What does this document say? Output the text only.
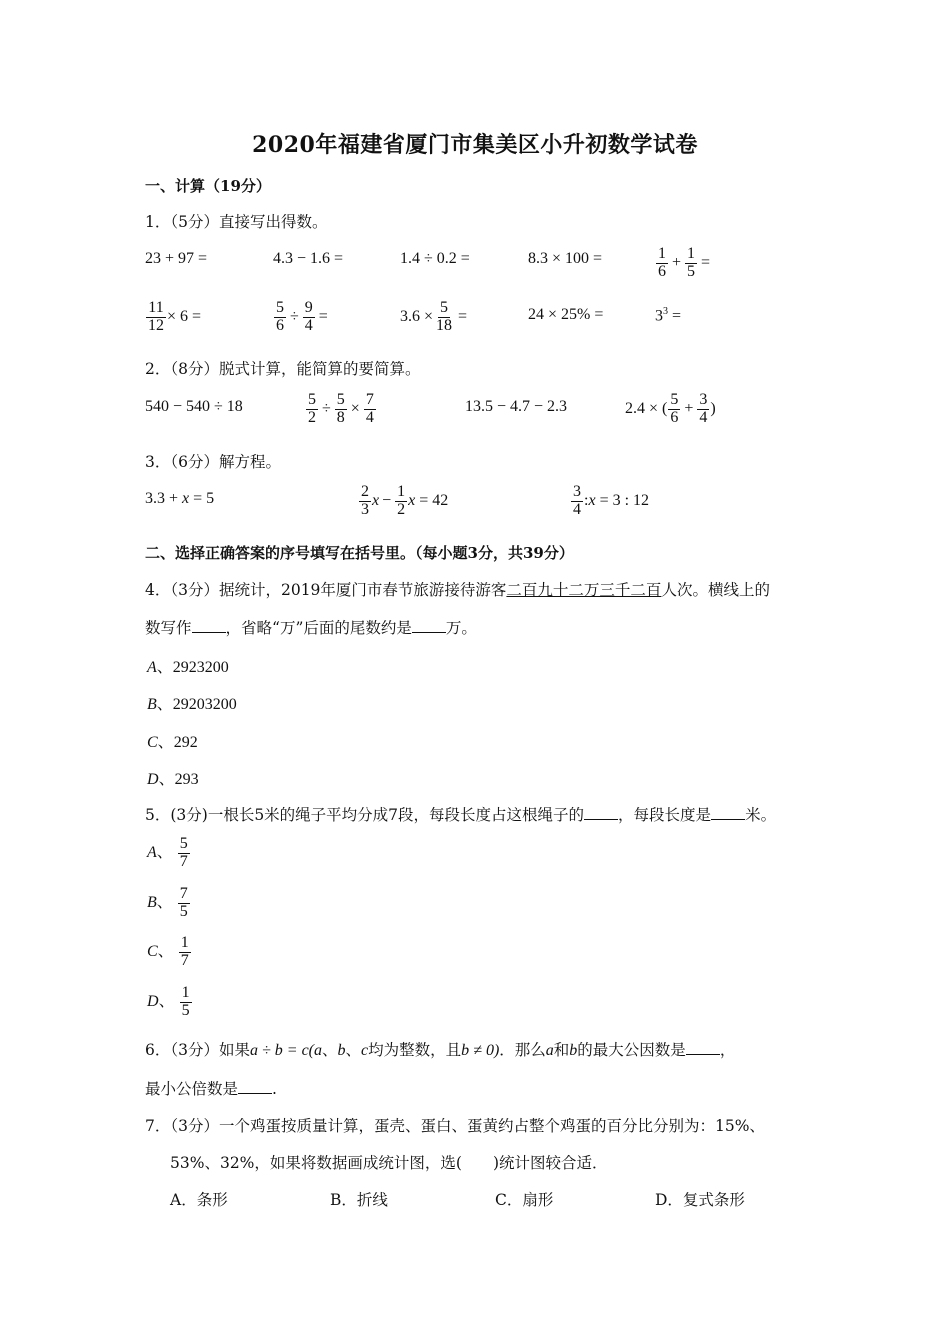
2020年福建省厦门市集美区小升初数学试卷
一、计算（19分）
1．（5分）直接写出得数。
23 + 97 =	4.3 − 1.6 =	1.4 ÷ 0.2 =	8.3 × 100 =	$\frac{1}{6} + \frac{1}{5}$ =
$\frac{11}{12} \times 6$ =	$\frac{5}{6} \div \frac{9}{4}$ =	$3.6 \times \frac{5}{18}$ =	24 × 25% =	$3^3$ =
2．（8分）脱式计算，能简算的要简算。
540 − 540 ÷ 18	$\frac{5}{2} \div \frac{5}{8} \times \frac{7}{4}$	13.5 − 4.7 − 2.3	2.4 × ( $\frac{5}{6} + \frac{3}{4}$ )
3．（6分）解方程。
3.3 + x = 5	$\frac{2}{3}$ $x - \frac{1}{2}$ x = 42	$\frac{3}{4}$ :x = 3 : 12
二、选择正确答案的序号填写在括号里。（每小题3分，共39分）
4．（3分）据统计，2019年厦门市春节旅游接待游客二百九十二万三千二百人次。横线上的
数写作 ，省略“万”后面的尾数约是 万。
A、2923200
B、29203200
C、292
D、293
5．(3分)一根长5米的绳子平均分成7段，每段长度占这根绳子的 ，每段长度是 米。
A、 $\frac{5}{7}$
B、 $\frac{7}{5}$
C、 $\frac{1}{7}$
D、 $\frac{1}{5}$
6．（3分）如果a ÷ b = c(a、b、c均为整数，且b ≠ 0)．那么a和b的最大公因数是 ，
最小公倍数是 .
7．（3分）一个鸡蛋按质量计算，蛋壳、蛋白、蛋黄约占整个鸡蛋的百分比分别为：15%、
53%、32%，如果将数据画成统计图，选(　　)统计图较合适．
A．条形	B．折线	C．扇形	D．复式条形
